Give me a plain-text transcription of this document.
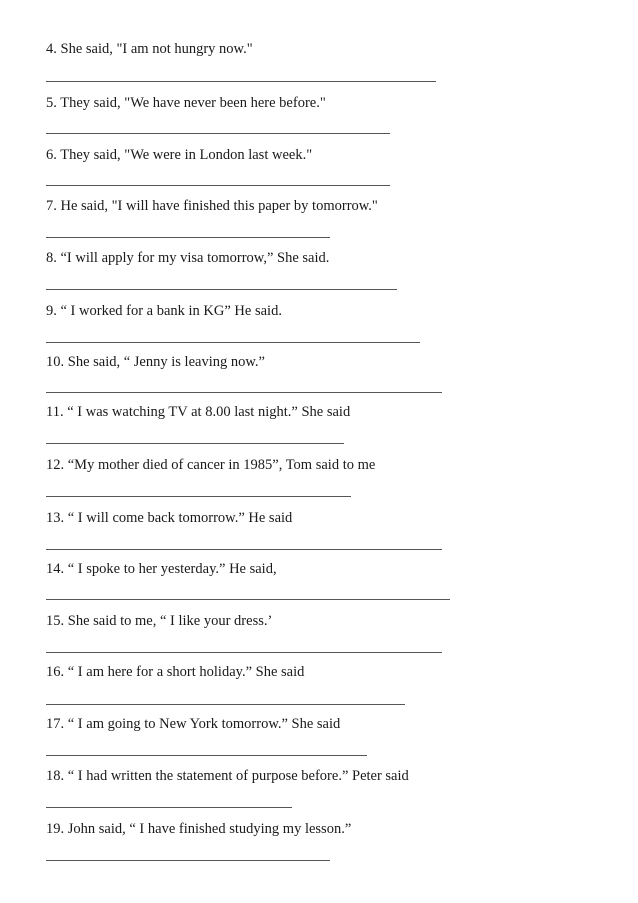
4. She said, "I am not hungry now."
5. They said, "We have never been here before."
6. They said, "We were in London last week."
7. He said, "I will have finished this paper by tomorrow."
8. “I will apply for my visa tomorrow,” She said.
9. “ I worked for a bank in KG” He said.
10. She said, “ Jenny is leaving now.”
11. “ I was watching TV at 8.00 last night.” She said
12. “My mother died of cancer in 1985”, Tom said to me
13. “ I will come back tomorrow.” He said
14. “ I spoke to her yesterday.” He said,
15. She said to me, “ I like your dress.’
16. “ I am here for a short holiday.” She said
17. “ I am going to New York tomorrow.” She said
18. “ I had written the statement of purpose before.” Peter said
19. John said, “ I have finished studying my lesson.”
